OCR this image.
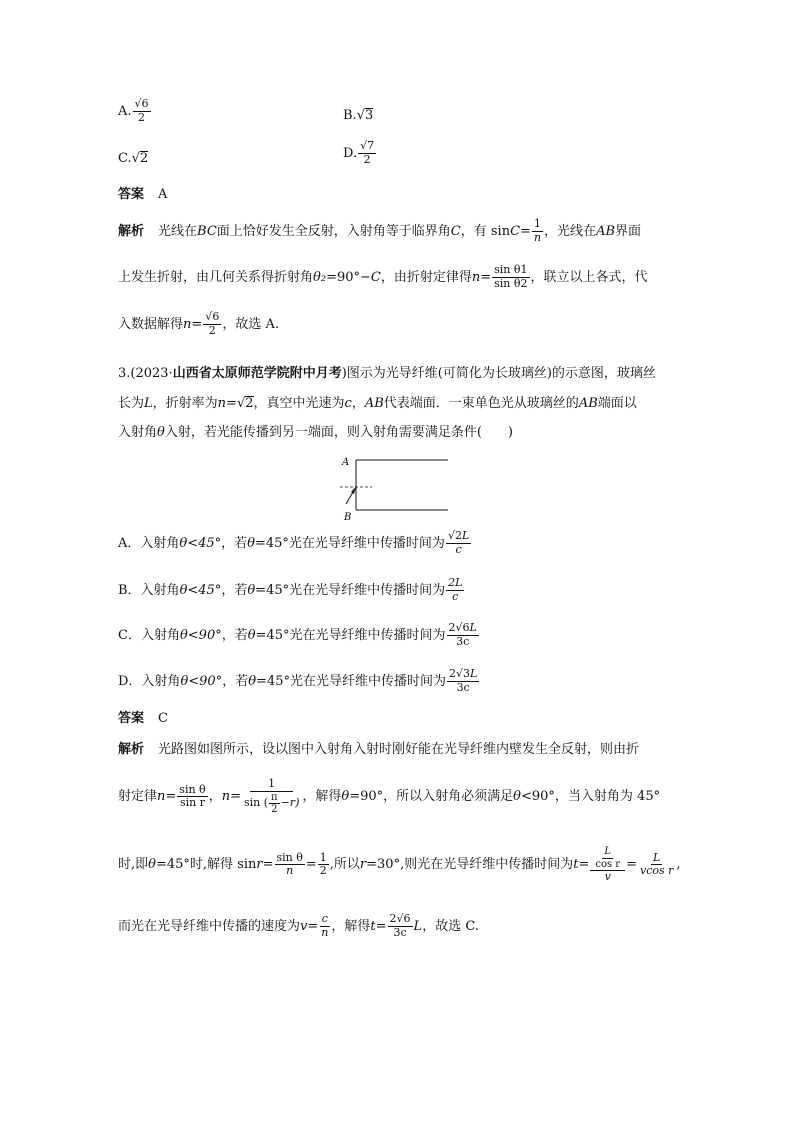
A. $\frac{√6}{2}$	B. √ 3
C. √ 2	D. $\frac{√7}{2}$
答案 A
解析 光线在 BC 面上恰好发生全反射，入射角等于临界角 C ，有 $\sin C = \frac{1}{n}$ ，光线在 AB 界面
上发生折射，由几何关系得折射角 θ₂ =90°− C ，由折射定律得 $n = \frac{\text{sin θ1}}{\text{sin θ2}}$ ，联立以上各式，代
入数据解得 $n = \frac{√6}{2}$ ，故选 A.
3.(2023· 山西省太原师范学院附中月考 )图示为光导纤维(可简化为长玻璃丝)的示意图，玻璃丝
长为 L ，折射率为 n = √ 2 ，真空中光速为 c ， AB 代表端面．一束单色光从玻璃丝的 AB 端面以
入射角 θ 入射，若光能传播到另一端面，则入射角需要满足条件(　　)
A
B
A．入射角 θ<45° ，若 θ =45°光在光导纤维中传播时间为 $\frac{√2L}{c}$
B．入射角 θ<45° ，若 θ =45°光在光导纤维中传播时间为 $\frac{2L}{c}$
C．入射角 θ<90° ，若 θ =45°光在光导纤维中传播时间为 $\frac{2√6L}{3c}$
D．入射角 θ<90° ，若 θ =45°光在光导纤维中传播时间为 $\frac{2√3L}{3c}$
答案 C
解析 光路图如图所示，设以图中入射角入射时刚好能在光导纤维内壁发生全反射，则由折
射定律 $n = \frac{\text{sin θ}}{\text{sin r}}$ ， $n = \frac{1}{\sin ( \frac{\pi}{2} -r)}$ ，解得 θ =90°，所以入射角必须满足 θ <90°，当入射角为 45°
时,即 θ =45°时,解得 $\sin r = \frac{\text{sin θ}}{n} = \frac{1}{2}$ ,所以 r =30°,则光在光导纤维中传播时间为 $t = \frac{\frac{L}{\text{cos r}}}{v} = \frac{L}{\text{vcos r}}$ ,
而光在光导纤维中传播的速度为 $v = \frac{c}{n}$ ，解得 $t = \frac{2√6}{3c}$ L ，故选 C.
